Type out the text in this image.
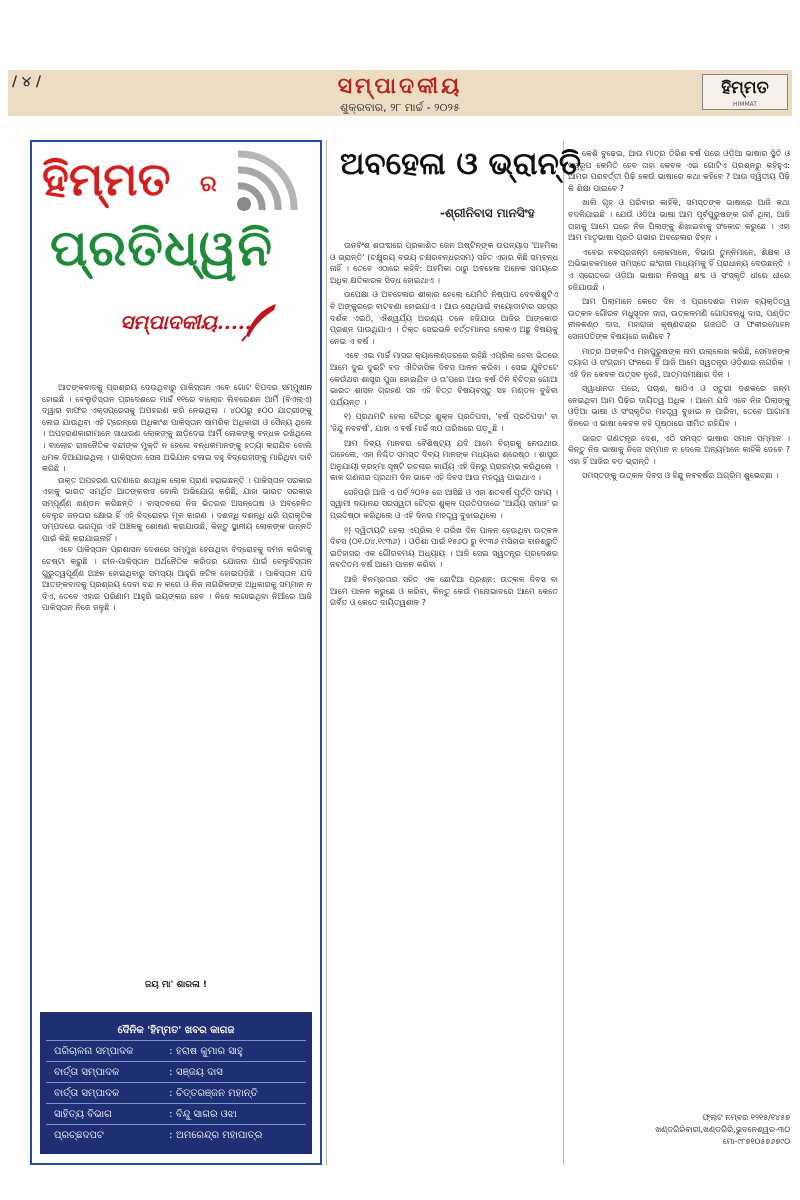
/ ୪ /	ସମ୍ପାଦକୀୟ
ଶୁକ୍ରବାର, ୨୮ ମାର୍ଚ୍ଚ - ୨୦୨୫
ହିମ୍ମତ
HIMMAT
ହିମ୍ମତ ର
ପ୍ରତିଧ୍ୱନି
ସମ୍ପାଦକୀୟ.....

ଆତଙ୍କବାଦକୁ ପ୍ରଶ୍ରୟ ଦେଉଥିବାରୁ ପାକିସ୍ତାନ ଏବେ ଗୋଟ ବିପଦର ସମ୍ମୁଖୀନ ହୋଇଛି । ବେଲୁଚିସ୍ତାନ ପ୍ରଦେଶରେ ମାର୍ଚ୍ଚ ୧୧ରେ ବାଲୋଚ ଲିବରେଶନ ଆର୍ମି (ବିଏଲ୍‌ଏ) ଦ୍ୱାରା ଜାଫର ଏକ୍ସପ୍ରେସକୁ ଅପହରଣ କରି ନେଇଥିଲା । ୪୦୦ରୁ ୫୦୦ ଯାତ୍ରୀଙ୍କୁ ଲେଇ ଯାଉଥିବା ଏହି ଟ୍ରେନ୍‌ରେ ଅଧିକାଂଶ ପାକିସ୍ତାନ ସାମରିକ ଅଧିକାରୀ ଓ ସୈନ୍ୟ ଥିଲେ । ଅପହରଣକାରୀମାନେ ସାଧାରଣ ଲୋକଙ୍କୁ ଛାଡ଼ିଦେଇ ଆର୍ମି ଲୋକଙ୍କୁ ବନ୍ଧକ ରଖିଥିଲେ । ବାଲୋଚ ରାଜନୈତିକ ବନ୍ଦୀଙ୍କ ମୁକ୍ତି ନ ହେଲେ ବନ୍ଧକମାନଙ୍କୁ ହତ୍ୟା କରାଯିବ ବୋଲି ଧମକ ଦିଆଯାଇଥିଲା । ପାକିସ୍ତାନ ସେନା ଅଭିଯାନ ଚଳାଇ ବହୁ ବିଦ୍ରୋହୀଙ୍କୁ ମାରିଥିବା ଦାବି କରିଛି ।

ଉକ୍ତ ଅପହରଣ ଘଟଣାରେ ଶତାଧିକ ଲୋକ ପ୍ରାଣ ହରାଇଛନ୍ତି । ପାକିସ୍ତାନ ସରକାର ଏହାକୁ ଭାରତ ସମର୍ଥିତ ଆତଙ୍କବାଦ ବୋଲି ଅଭିଯୋଗ କରିଛି, ଯାହା ଭାରତ ସରକାର ସମ୍ପୂର୍ଣ୍ଣ ଖଣ୍ଡନ କରିଛନ୍ତି । ବାସ୍ତବରେ ନିଜ ଭିତରର ଅସନ୍ତୋଷ ଓ ଅବହେଳିତ ବେଲୁଚ ଜନତାର କ୍ଷୋଭ ହିଁ ଏହି ବିଦ୍ରୋହର ମୂଳ କାରଣ । ଦଶନ୍ଧି ଦଶନ୍ଧି ଧରି ପ୍ରାକୃତିକ ସମ୍ପଦରେ ଭରପୂର ଏହି ଅଞ୍ଚଳକୁ ଶୋଷଣ କରାଯାଉଛି, କିନ୍ତୁ ସ୍ଥାନୀୟ ଲୋକଙ୍କ ଉନ୍ନତି ପାଇଁ କିଛି କରାଯାଇନାହିଁ ।

ଏବେ ପାକିସ୍ତାନ ପ୍ରଶାସନ ଦେଶରେ ସମ୍ମୁଖ ହେଉଥିବା ବିଦ୍ରୋହକୁ ଦମନ କରିବାକୁ ଚେଷ୍ଟା କରୁଛି । ଚୀନ-ପାକିସ୍ତାନ ଅର୍ଥନୈତିକ କରିଡର ଯୋଜନା ପାଇଁ ବେଲୁଚିସ୍ତାନ ଗୁରୁତ୍ୱପୂର୍ଣ୍ଣ ଅଞ୍ଚଳ ହୋଇଥିବାରୁ ସମସ୍ୟା ଆହୁରି ଜଟିଳ ହୋଇପଡ଼ିଛି । ପାକିସ୍ତାନ ଯଦି ଆତଙ୍କବାଦକୁ ପ୍ରଶ୍ରୟ ଦେବା ବନ୍ଦ ନ କରେ ଓ ନିଜ ନାଗରିକଙ୍କ ଅଧିକାରକୁ ସମ୍ମାନ ନ ଦିଏ, ତେବେ ଏହାର ପରିଣାମ ଆହୁରି ଭୟଙ୍କର ହେବ । ନିଜେ ଲଗାଇଥିବା ନିଆଁରେ ଆଜି ପାକିସ୍ତାନ ନିଜେ ଜଳୁଛି ।

ଜୟ ମା' ଶାରଳା !
ଦୈନିକ 'ହିମ୍ମତ' ଖବର କାଗଜ
ପରିଚାଳନା ସମ୍ପାଦକ	: ହରାଷ କୁମାର ସାହୁ
ବାର୍ତ୍ତା ସମ୍ପାଦକ	: ସଞ୍ଜୟ ଦାସ
ବାର୍ତ୍ତା ସମ୍ପାଦକ	: ଚିତ୍ତରଞ୍ଜନ ମହାନ୍ତି
ସାହିତ୍ୟ ବିଭାଗ	: ବିନ୍ଦୁ ସାଗର ଓଝା
ପ୍ରଚ୍ଛଦପଟ	: ଅମରେନ୍ଦ୍ର ମହାପାତ୍ର
ଅବହେଳା ଓ ଭ୍ରାନ୍ତି
-ଶ୍ରୀନିବାସ ମାନସିଂହ

ଊନବିଂଶ ଶତାବ୍ଦୀରେ ପ୍ରକାଶିତ ଜେନ ଅଷ୍ଟିନ୍ଙ୍କ ଉପନ୍ୟାସ 'ଅହମିକା ଓ ଭ୍ରାନ୍ତି' (ଚକ୍ଷୁରୟ ବଭୟ ଚକ୍ଷରବନ୍ଧରସମ) ସହିତ ଏହାର କିଛି ସମ୍ବନ୍ଧ ନାହିଁ । ତେବେ ଏଠାରେ କହିବି: ଅହମିକା ଠାରୁ ଅବହେଳା ଅନେକ ସମୟରେ ଅଧିକ କ୍ଷତିକାରକ ସିଦ୍ଧ ହୋଇଥାଏ ।

ଉପେକ୍ଷା ଓ ଅବହେଳାର ଶୀକାର ହେଲେ ଯେମିତି ନିଷ୍ପାପ ଦେବଶିଶୁଟିଏ ବି ଅଙ୍କୁରରେ ବାଟବଣା ହୋଇଯାଏ । ଆଉ ସେଥିପାଇଁ ବାୟୋଡାଟାର ସହସ୍ର ଦର୍ଶକ ଏଇଠି, ଐଶ୍ୱର୍ଯ୍ୟ ଅରଣ୍ୟ ତଳେ ହଜିଯାଉ ଆଜିର ଆଙ୍କୋର ପ୍ରଶ୍ନ ପାଉଥିଯାଏ । ତିକ୍ତ ସେଇଭଳି ବର୍ତ୍ତମାନର ଲୋକଏ ଅଛୁ ବିଷୟକୁ ନେଇ ଏ ବର୍ଷ ।

ଏବେ ଏଇ ମାର୍ଚ୍ଚ ମାସର କ୍ୟାଲେଣ୍ଡରରେ ରହିଛି ଏପ୍ରିଲ ହେବା ଭିତରେ ଆମେ ଦୁଇ ଦୁଇଟି ବଡ଼ ଐତିହାସିକ ଦିବସ ପାଳନ କରିବା । ସେଇ ଯୁବିତଟେ କେଉଁଥର ଶାସ୍ତ୍ର ପୁଜା ହୋଇଯିବ ଓ ତା'ପରେ ଆଉ ବର୍ଷ ତିନି ବିଚିତ୍ର ଗୋଆ ଭାରତ ଶାସନ ଗ୍ରହଣ ସହ ଏହି ବିତ୍ତ ବିଷୟବସ୍ତୁ ସହ ମଣ୍ଡଳ ବୁଝିବା ପର୍ଯ୍ୟନ୍ତ ।

୧) ପ୍ରଥମଟି ହେଲା ଚୈତ୍ର ଶୁକ୍ଳ ପ୍ରତିପଦା, 'ବର୍ଷ ପ୍ରତିପଦା' ବା 'ହିନ୍ଦୁ ନବବର୍ଷ', ଯାହା ଏ ବର୍ଷ ମାର୍ଚ୍ଚ ୩୦ ତାରିଖରେ ପଡ଼ୁଛି ।

ଆମ ଦିବ୍ୟ ମାନବର ବୈଶିଷ୍ଟ୍ୟ ଯଦି ଆମେ ବିଚାରକୁ ନେଉଥାଉ ତାହେଲେ, ଏହା ନିଶ୍ଚିତ ସମସ୍ତ ଦିବ୍ୟ ମାନଙ୍କ ମଧ୍ୟରେ ଶ୍ରେଷ୍ଠ । ଶାସ୍ତ୍ର ଅନୁଯାୟୀ ବ୍ରହ୍ମା ସୃଷ୍ଟି ରଚନାର କାର୍ଯ୍ୟ ଏହି ଦିନରୁ ପ୍ରାରମ୍ଭ କରିଥିଲେ । କାଳ ଗଣନାର ପ୍ରଥମ ଦିନ ଭାବେ ଏହି ଦିବସ ଆଉ ମହତ୍ତ୍ୱ ପାଇଥାଏ ।

ସେହିପରି ଆଜି ଏ ପର୍ବ ୨୦୨୫ ରେ ଆସିଛି ଓ ଏହା ଶତବର୍ଷ ପୂର୍ତ୍ତି ସମୟ । ସ୍ୱାମୀ ଦୟାନନ୍ଦ ସରସ୍ୱତୀ ଚୈତ୍ର ଶୁକ୍ଳ ପ୍ରତିପଦାରେ 'ଆର୍ଯ୍ୟ ସମାଜ' ର ପ୍ରତିଷ୍ଠା କରିଥିଲେ ଓ ଏହି ଦିନର ମହତ୍ତ୍ୱ ବୁଝାଇଥିଲେ ।

୨) ଦ୍ୱିତୀୟଟି ହେଲା ଏପ୍ରିଲ ୧ ତାରିଖ ଦିନ ପାଳନ ହେଉଥିବା ଉତ୍କଳ ଦିବସ (୦୧.୦୪.୧୯୩୬) । ଓଡ଼ିଶା ପାଇଁ ୧୫୬୦ ରୁ ୧୯୩୬ ମସିହାର ବାନଶ୍ରୁତି ଇତିହାସର ଏକ ଗୌରବମୟ ଅଧ୍ୟାୟ । ଆଜି ସେଇ ସ୍ୱତନ୍ତ୍ର ପ୍ରଦେଶର ନବତିତମ ବର୍ଷ ଆମେ ପାଳନ କରିବା ।

ଆଜି ବିନମ୍ରତାର ସହିତ ଏକ ଛୋଟିଆ ପ୍ରଶ୍ନ: ଉତ୍କଳ ଦିବସ ବା ଆମେ ପାଳନ କରୁଛେ ଓ କରିବା, କିନ୍ତୁ କେଉଁ ମନୋଭାବରେ ଆମେ କେତେ ଗର୍ବିତ ଓ କେତେ ଦାୟିତ୍ୱଶୀଳ ?

କେଶି ବୁଢ଼େଇ, ଆଉ ମାତ୍ର ତିରିଶ ବର୍ଷ ପରେ ଓଡ଼ିଆ ଭାଷାର ସ୍ଥିତି ଓ ସ୍ୱରୂପ କେମିତି ହେବ ତାହା କେବଳ ଏଇ ଗୋଟିଏ ପ୍ରଶ୍ନରୁ କହିହୁଏ: ଆମର ପରବର୍ତ୍ତୀ ପିଢ଼ି କେଉଁ ଭାଷାରେ କଥା କହିବେ ? ଆଉ ଦ୍ୱିତୀୟ ପିଢ଼ି କି ଶିକ୍ଷା ପାଇବେ ?

ଖାଲି ଗୃହ ଓ ପରିବାର କାହିଁକି, ସମସ୍ତଙ୍କ ଭାଷାରେ ଆଜି କଥା ବଦଳିଯାଇଛି । ଯେଉଁ ଓଡ଼ିଆ ଭାଷା ଆମ ପୂର୍ବପୁରୁଷଙ୍କ ଗର୍ବ ଥିଲା, ଆଜି ତାହାକୁ ଆମେ ଘରେ ନିଜ ପିଲାଙ୍କୁ ଶିଖାଇବାକୁ ସଂକୋଚ କରୁଛେ । ଏହା ଆମ ମାତୃଭାଷା ପ୍ରତି ଗଭୀର ଅବହେଳାର ଚିହ୍ନ ।

ଏବେର ନବପ୍ରଜନ୍ମ ଲୋକମାନେ, ବିଭାଗ ତୁନ୍ନିମାନେ, ଶିକ୍ଷକ ଓ ଅଭିଭାବକମାନେ ସମସ୍ତେ ଇଂରାଜୀ ମାଧ୍ୟମକୁ ହିଁ ପ୍ରାଧାନ୍ୟ ଦେଉଛନ୍ତି । ଏ ସ୍ରୋତରେ ଓଡ଼ିଆ ଭାଷାର ନିଜସ୍ୱ ଶବ୍ଦ ଓ ସଂସ୍କୃତି ଧୀରେ ଧୀରେ ହଜିଯାଉଛି ।

ଆମ ପିଲାମାନେ କେତେ ଦିନ ଏ ପ୍ରଦେଶର ମହାନ ବ୍ୟକ୍ତିତ୍ୱ ଉତ୍କଳ ଗୌରବ ମଧୁସୂଦନ ଦାସ, ଉତ୍କଳମଣି ଗୋପବନ୍ଧୁ ଦାସ, ପଣ୍ଡିତ ନୀଳକଣ୍ଠ ଦାସ, ମହାରାଜା କୃଷ୍ଣଚନ୍ଦ୍ର ଗଜପତି ଓ ଫକୀରମୋହନ ସେନାପତିଙ୍କ ବିଷୟରେ ଜାଣିବେ ?

ମାତ୍ର ଅଙ୍କଟିଏ ମହାପୁରୁଷଙ୍କ ନାମ ଉଲ୍ଲେଖ କରିଛି, ସେମାନଙ୍କ ତ୍ୟାଗ ଓ ସଂଗ୍ରାମ ଫଳରେ ହିଁ ଆଜି ଆମେ ସ୍ୱତନ୍ତ୍ର ଓଡ଼ିଶାର ନାଗରିକ । ଏହି ଦିନ କେବଳ ଉତ୍ସବ ନୁହେଁ, ଆତ୍ମସମୀକ୍ଷାର ଦିନ ।

ସ୍ୱାଧୀନତା ପରେ, ପଚାଶ, ଷାଠିଏ ଓ ସତୁରୀ ଦଶକରେ ଜନ୍ମ ନେଇଥିବା ଆମ ପିଢ଼ିର ଦାୟିତ୍ୱ ଅଧିକ । ଆମେ ଯଦି ଏବେ ନିଜ ପିଲାଙ୍କୁ ଓଡ଼ିଆ ଭାଷା ଓ ସଂସ୍କୃତିର ମହତ୍ତ୍ୱ ବୁଝାଇ ନ ପାରିବା, ତେବେ ଆଗାମୀ ଦିନରେ ଏ ଭାଷା କେବଳ ବହି ପୃଷ୍ଠାରେ ସୀମିତ ରହିଯିବ ।

ଭାରତ ଗଣତନ୍ତ୍ର ଦେଶ, ଏଠି ସମସ୍ତ ଭାଷାର ସମାନ ସମ୍ମାନ । କିନ୍ତୁ ନିଜ ଭାଷାକୁ ନିଜେ ସମ୍ମାନ ନ ଦେଲେ ଅନ୍ୟମାନେ କାହିଁକି ଦେବେ ? ଏହା ହିଁ ଆଜିର ବଡ଼ ଭ୍ରାନ୍ତି ।

ସମସ୍ତଙ୍କୁ ଉତ୍କଳ ଦିବସ ଓ ହିନ୍ଦୁ ନବବର୍ଷର ଅଗ୍ରିମ ଶୁଭେଚ୍ଛା ।

ଫ୍ଲାଟ ନମ୍ବର ୧୨୧୫/୧୪୫୭
ଖଣ୍ଡଗିରିବାରୀ,ଖଣ୍ଡଗିରି,ଭୁବନେଶ୍ୱର-୩୦
ମୋ-୯୮୭୧୦୫୭୬୭୯୦
